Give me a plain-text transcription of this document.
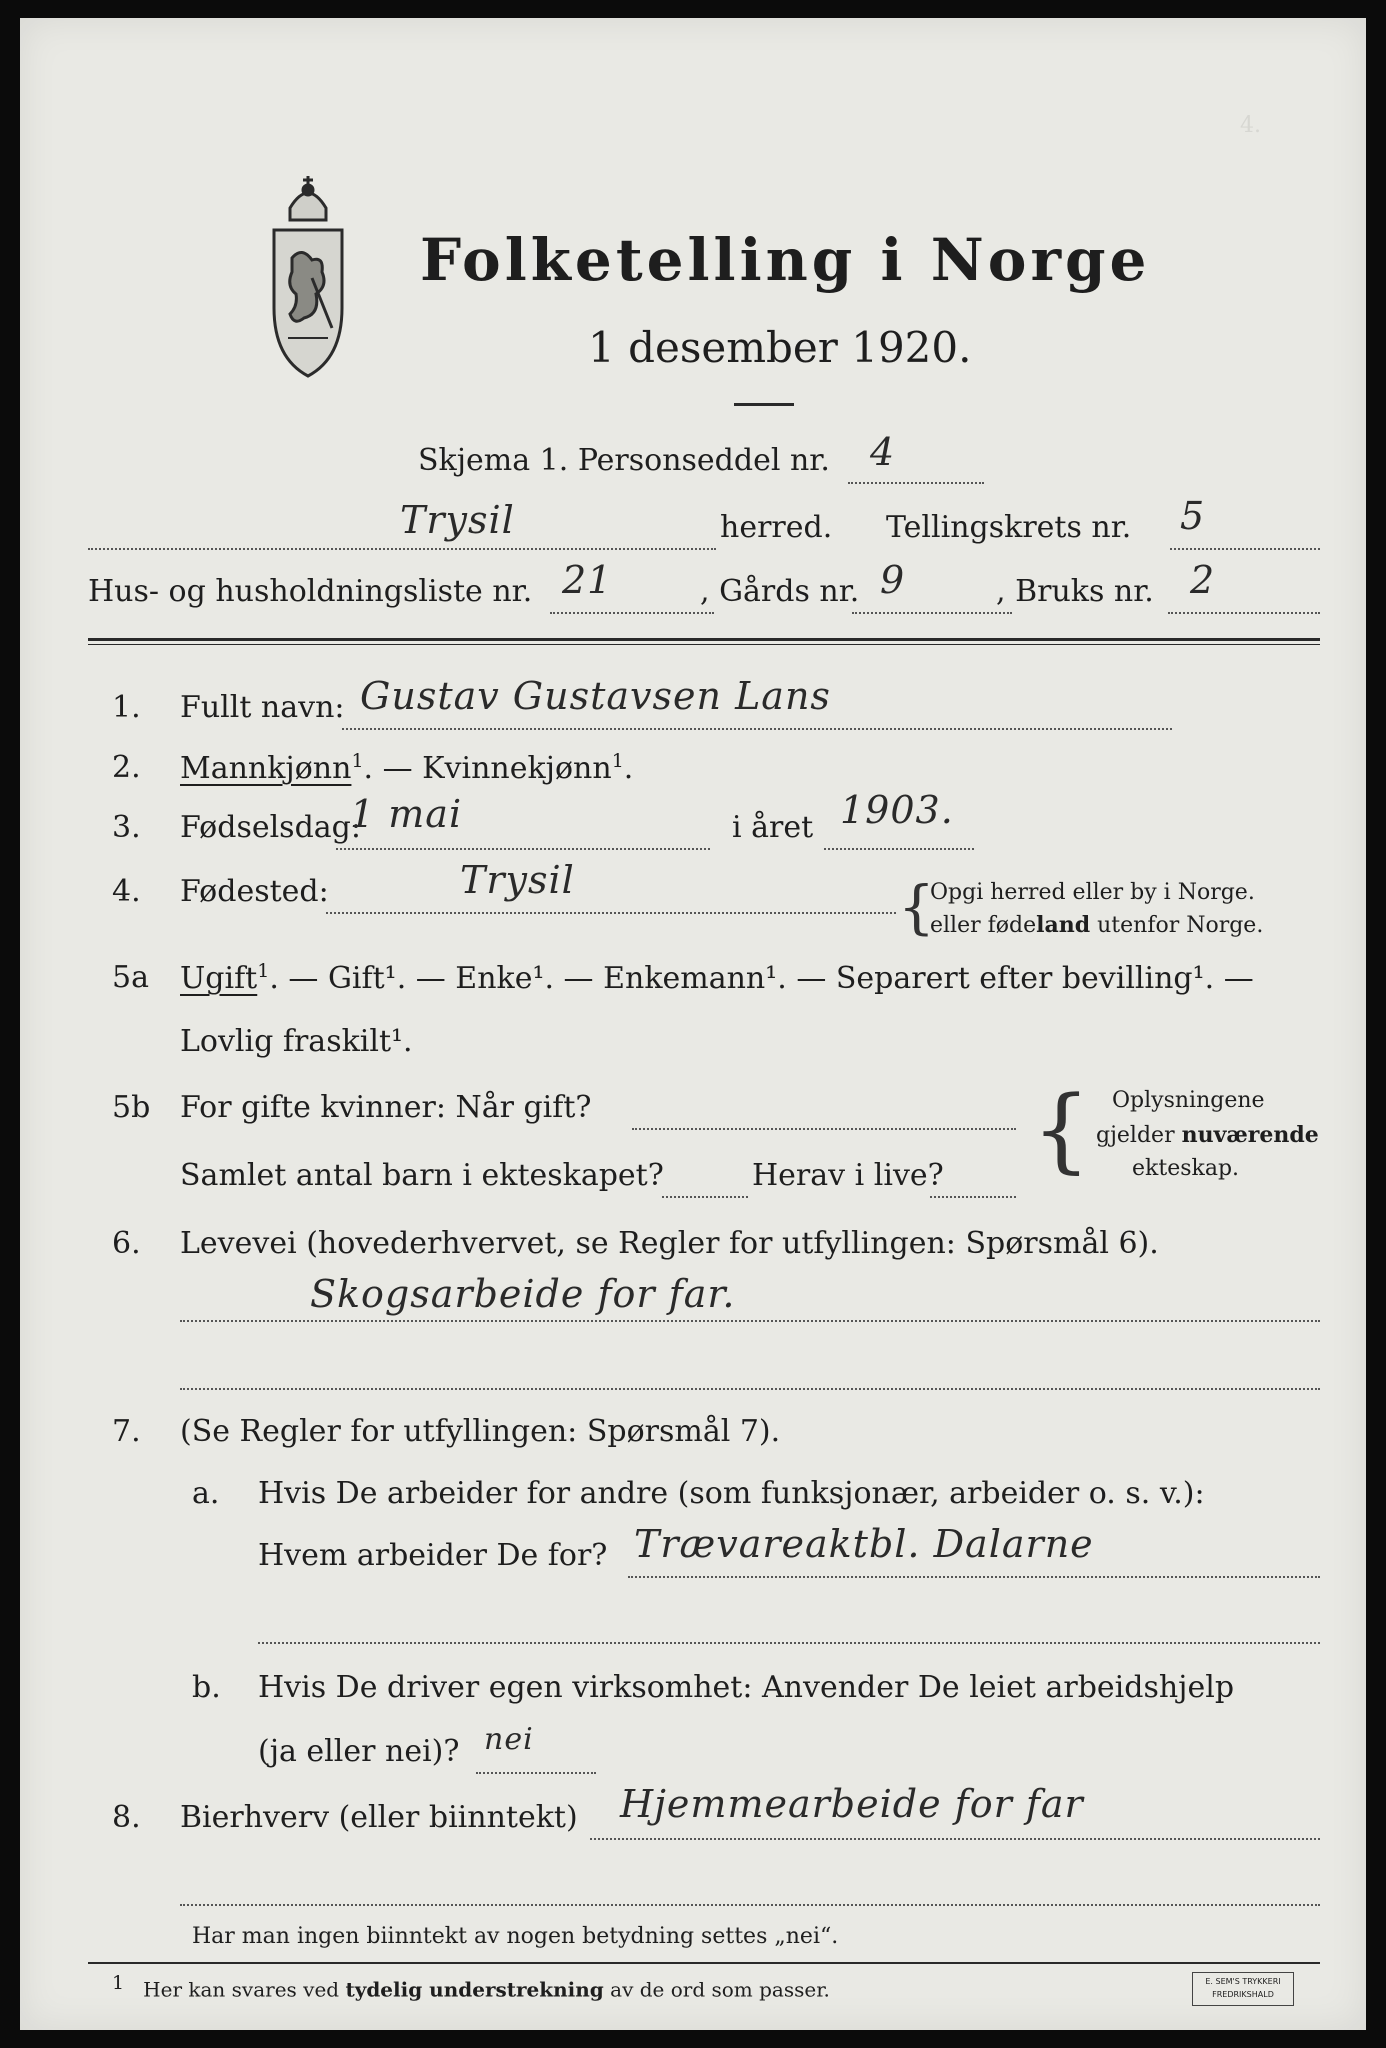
4.
Folketelling i Norge
1 desember 1920.
Skjema 1. Personseddel nr. 4
Trysil	herred. Tellingskrets nr. 5
Hus- og husholdningsliste nr. 21	, Gårds nr. 9	, Bruks nr. 2
1. Fullt navn: Gustav Gustavsen Lans
2. Mannkjønn$^1$. — Kvinnekjønn$^1$.
3. Fødselsdag:
1 mai	i året 1903.
4. Fødested:	Trysil	{
Opgi herred eller by i Norge.
eller fødeland utenfor Norge.
5a Ugift$^1$. — Gift¹. — Enke¹. — Enkemann¹. — Separert efter bevilling¹. —
Lovlig fraskilt¹.
5b For gifte kvinner: Når gift?
Samlet antal barn i ekteskapet?	Herav i live? { Oplysningene
gjelder nuværende
ekteskap.
6. Levevei (hovederhvervet, se Regler for utfyllingen: Spørsmål 6).
Skogsarbeide for far.
7. (Se Regler for utfyllingen: Spørsmål 7).
a. Hvis De arbeider for andre (som funksjonær, arbeider o. s. v.):
Hvem arbeider De for? Trævareaktbl. Dalarne
b. Hvis De driver egen virksomhet: Anvender De leiet arbeidshjelp
(ja eller nei)? nei
8. Bierhverv (eller biinntekt) Hjemmearbeide for far
Har man ingen biinntekt av nogen betydning settes „nei“.
$^1$ Her kan svares ved tydelig understrekning av de ord som passer.	E. SEM'S TRYKKERI
FREDRIKSHALD
